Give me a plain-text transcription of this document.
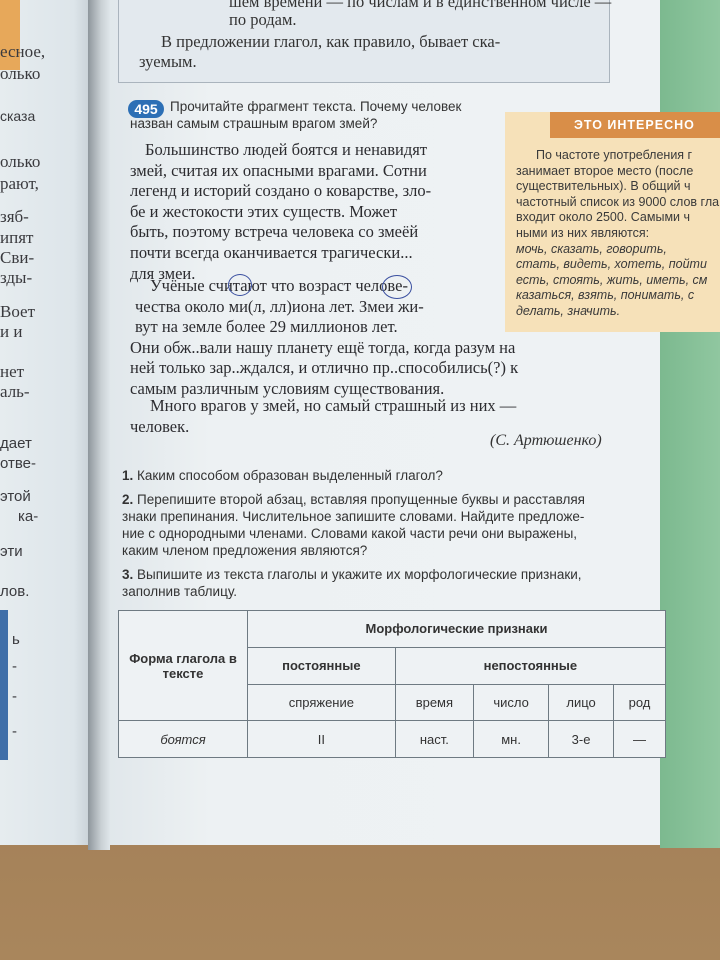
есное,
олько
сказа
олько
рают,
зяб-
ипят
Сви-
зды-
Воет
и и
нет
аль-
дает
отве-
этой
ка-
эти
лов.
ь
-
-
-
шем времени — по числам и в единственном числе —
по родам.
В предложении глагол, как правило, бывает ска-
зуемым.
495 Прочитайте фрагмент текста. Почему человек
назван самым страшным врагом змей?
Большинство людей боятся и ненавидят
змей, считая их опасными врагами. Сотни
легенд и историй создано о коварстве, зло-
бе и жестокости этих существ. Может
быть, поэтому встреча человека со змеёй
почти всегда оканчивается трагически...
для змеи.
Учёные считают что возраст челове-
чества около ми(л, лл)иона лет. Змеи жи-
вут на земле более 29 миллионов лет.
Они обж..вали нашу планету ещё тогда, когда разум на
ней только зар..ждался, и отлично пр..способились(?) к
самым различным условиям существования.
Много врагов у змей, но самый страшный из них —
человек.
(С. Артюшенко)
1. Каким способом образован выделенный глагол?
2. Перепишите второй абзац, вставляя пропущенные буквы и расставляя
знаки препинания. Числительное запишите словами. Найдите предложе-
ние с однородными членами. Словами какой части речи они выражены,
каким членом предложения являются?
3. Выпишите из текста глаголы и укажите их морфологические признаки,
заполнив таблицу.
Форма глагола в тексте	Морфологические признаки				
	постоянные	непостоянные			
	спряжение	время	число	лицо	род
боятся	II	наст.	мн.	3-е	—
ЭТО ИНТЕРЕСНО
По частоте употребления г
занимает второе место (после
существительных). В общий ч
частотный список из 9000 слов гла
входит около 2500. Самыми ч
ными из них являются:
мочь, сказать, говорить,
стать, видеть, хотеть, пойти
есть, стоять, жить, иметь, см
казаться, взять, понимать, с
делать, значить.
